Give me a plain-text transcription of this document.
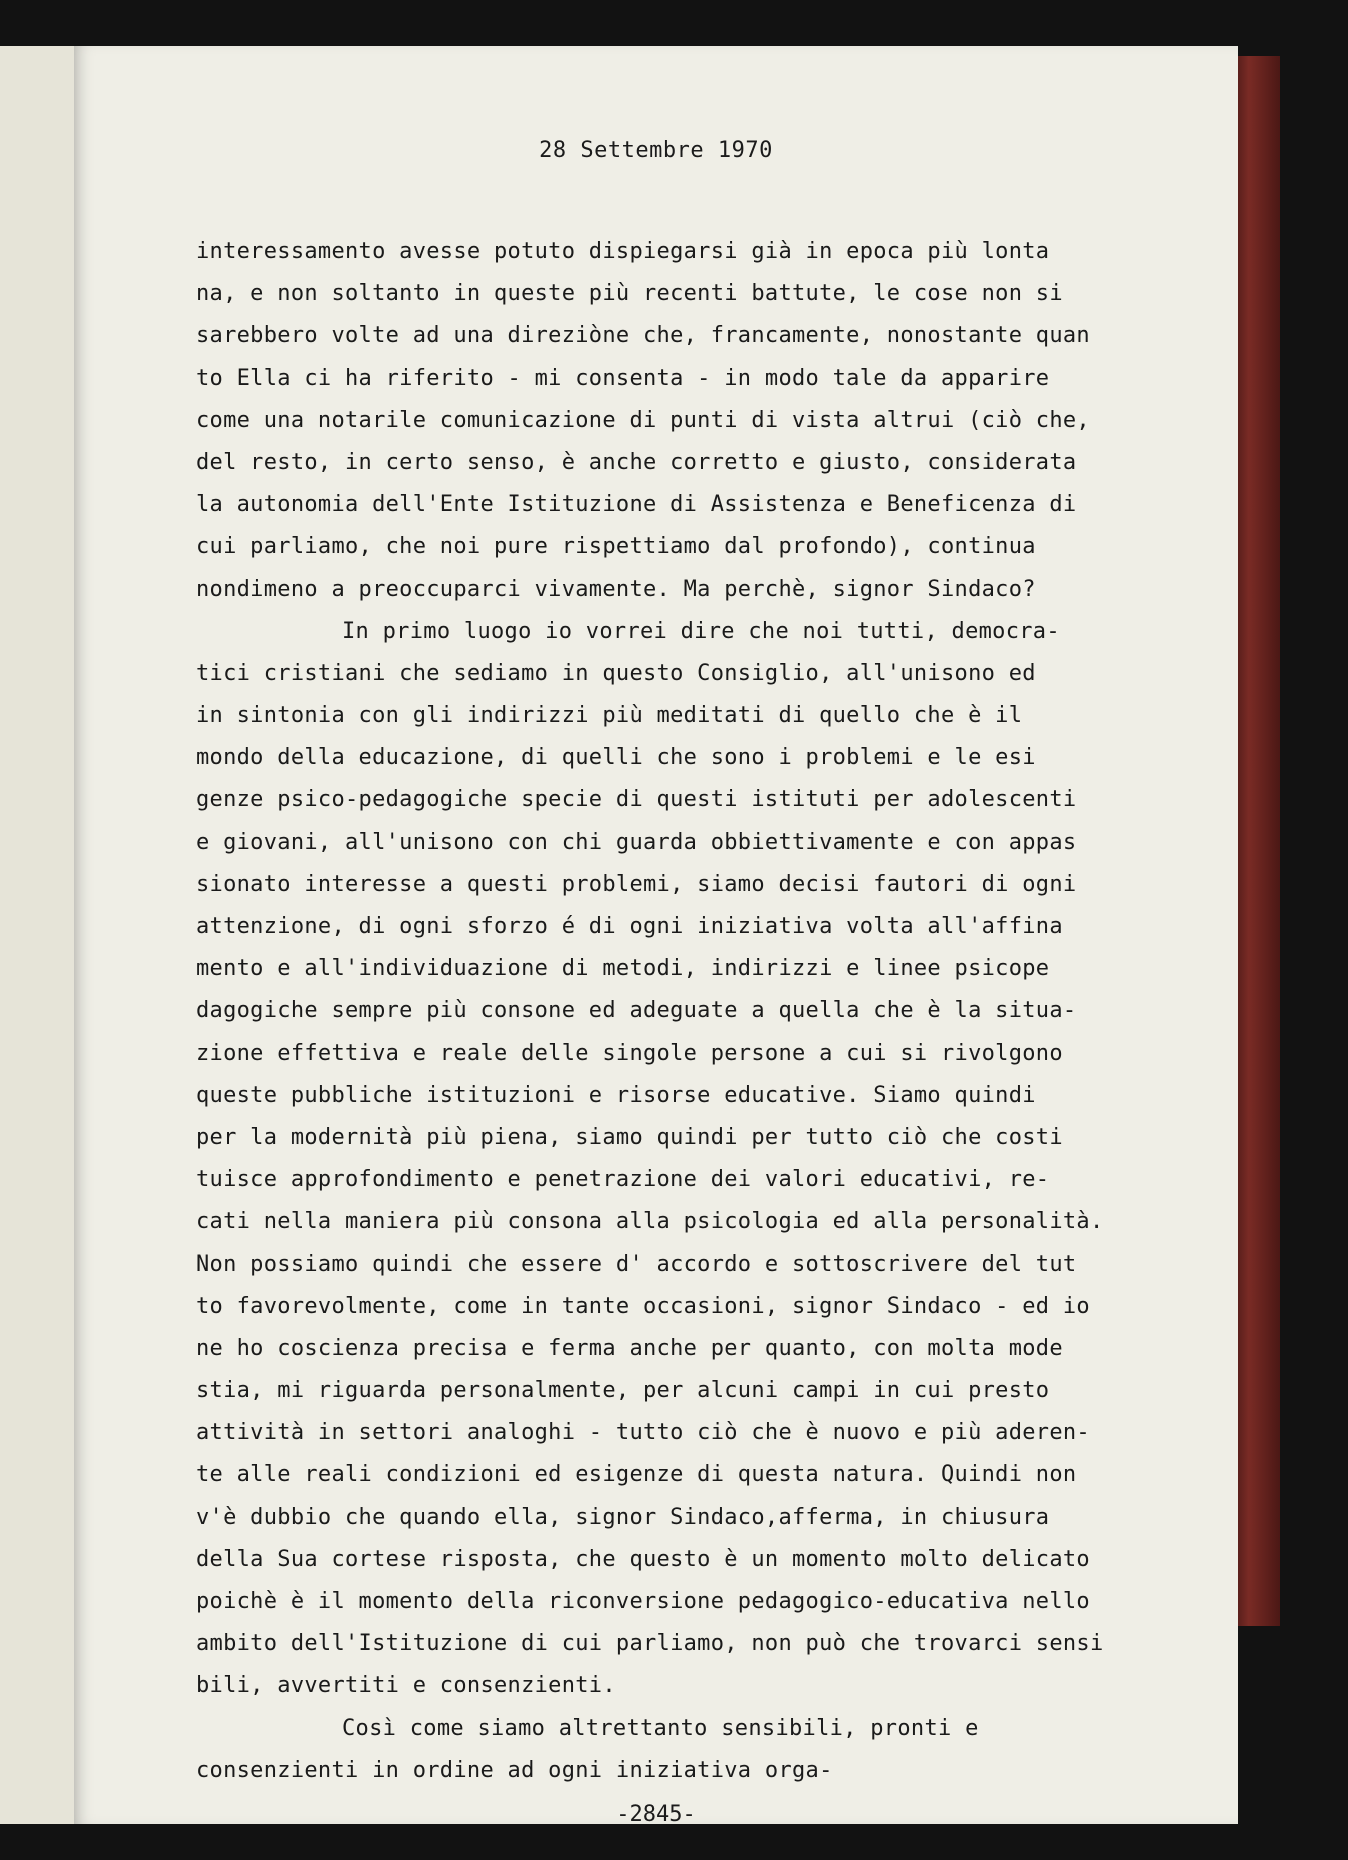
28 Settembre 1970
interessamento avesse potuto dispiegarsi già in epoca più lonta
na, e non soltanto in queste più recenti battute, le cose non si
sarebbero volte ad una direziòne che, francamente, nonostante quan
to Ella ci ha riferito - mi consenta - in modo tale da apparire
come una notarile comunicazione di punti di vista altrui (ciò che,
del resto, in certo senso, è anche corretto e giusto, considerata
la autonomia dell'Ente Istituzione di Assistenza e Beneficenza di
cui parliamo, che noi pure rispettiamo dal profondo), continua
nondimeno a preoccuparci vivamente. Ma perchè, signor Sindaco?
In primo luogo io vorrei dire che noi tutti, democra-
tici cristiani che sediamo in questo Consiglio, all'unisono ed
in sintonia con gli indirizzi più meditati di quello che è il
mondo della educazione, di quelli che sono i problemi e le esi
genze psico-pedagogiche specie di questi istituti per adolescenti
e giovani, all'unisono con chi guarda obbiettivamente e con appas
sionato interesse a questi problemi, siamo decisi fautori di ogni
attenzione, di ogni sforzo é di ogni iniziativa volta all'affina
mento e all'individuazione di metodi, indirizzi e linee psicope
dagogiche sempre più consone ed adeguate a quella che è la situa-
zione effettiva e reale delle singole persone a cui si rivolgono
queste pubbliche istituzioni e risorse educative. Siamo quindi
per la modernità più piena, siamo quindi per tutto ciò che costi
tuisce approfondimento e penetrazione dei valori educativi, re-
cati nella maniera più consona alla psicologia ed alla personalità.
Non possiamo quindi che essere d' accordo e sottoscrivere del tut
to favorevolmente, come in tante occasioni, signor Sindaco - ed io
ne ho coscienza precisa e ferma anche per quanto, con molta mode
stia, mi riguarda personalmente, per alcuni campi in cui presto
attività in settori analoghi - tutto ciò che è nuovo e più aderen-
te alle reali condizioni ed esigenze di questa natura. Quindi non
v'è dubbio che quando ella, signor Sindaco,afferma, in chiusura
della Sua cortese risposta, che questo è un momento molto delicato
poichè è il momento della riconversione pedagogico-educativa nello
ambito dell'Istituzione di cui parliamo, non può che trovarci sensi
bili, avvertiti e consenzienti.
Così come siamo altrettanto sensibili, pronti e
consenzienti in ordine ad ogni iniziativa orga-
-2845-
